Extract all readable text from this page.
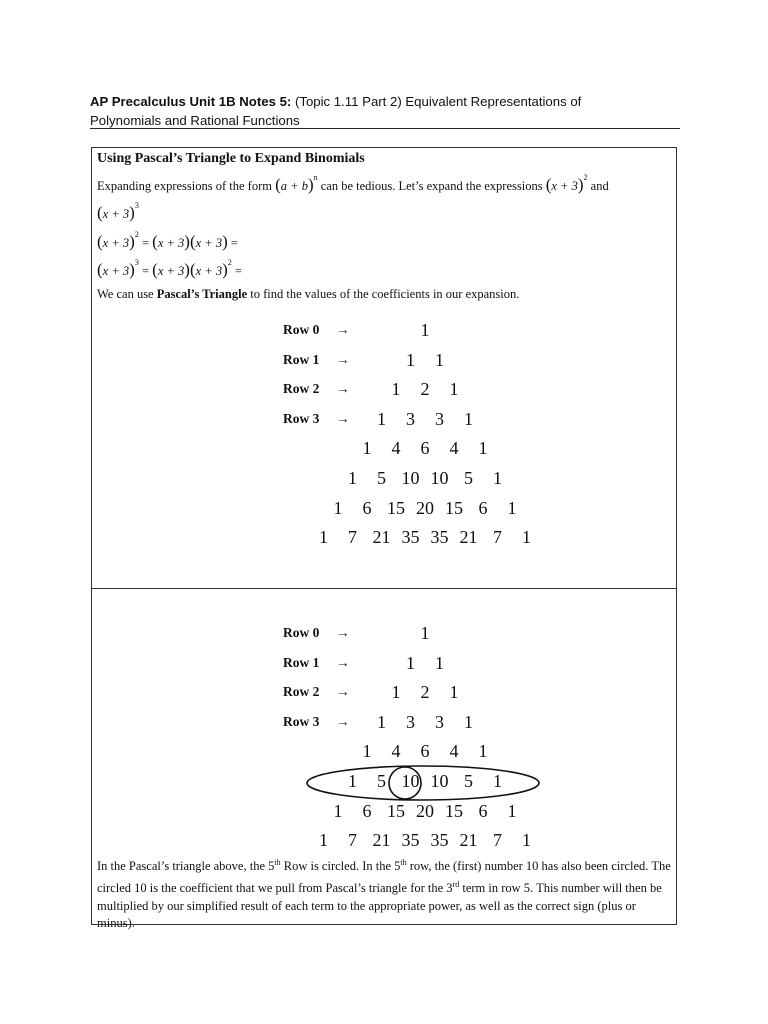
AP Precalculus Unit 1B Notes 5: (Topic 1.11 Part 2) Equivalent Representations of
Polynomials and Rational Functions
Using Pascal’s Triangle to Expand Binomials
Expanding expressions of the form $(a + b)^n$ can be tedious. Let’s expand the expressions $(x + 3)^2$ and
$(x + 3)^3$
$(x + 3)^2 = (x + 3)(x + 3)$ =
$(x + 3)^3 = (x + 3)(x + 3)^2$ =
We can use Pascal’s Triangle to find the values of the coefficients in our expansion.
Row 0 →	1
Row 1 →	1 1
Row 2 → 1 2 1
Row 3 → 1 3 3 1
1 4 6 4 1
1 5 10 10 5 1
1 6 15 20 15 6 1
1 7 21 35 35 21 7 1
Row 0 →	1
Row 1 →	1 1
Row 2 → 1 2 1
Row 3 → 1 3 3 1
1 4 6 4 1
1 5 10 10 5 1
1 6 15 20 15 6 1
1 7 21 35 35 21 7 1
In the Pascal’s triangle above, the 5th Row is circled. In the 5th row, the (first) number 10 has also been circled. The circled 10 is the coefficient that we pull from Pascal’s triangle for the 3rd term in row 5. This number will then be multiplied by our simplified result of each term to the appropriate power, as well as the correct sign (plus or minus).
